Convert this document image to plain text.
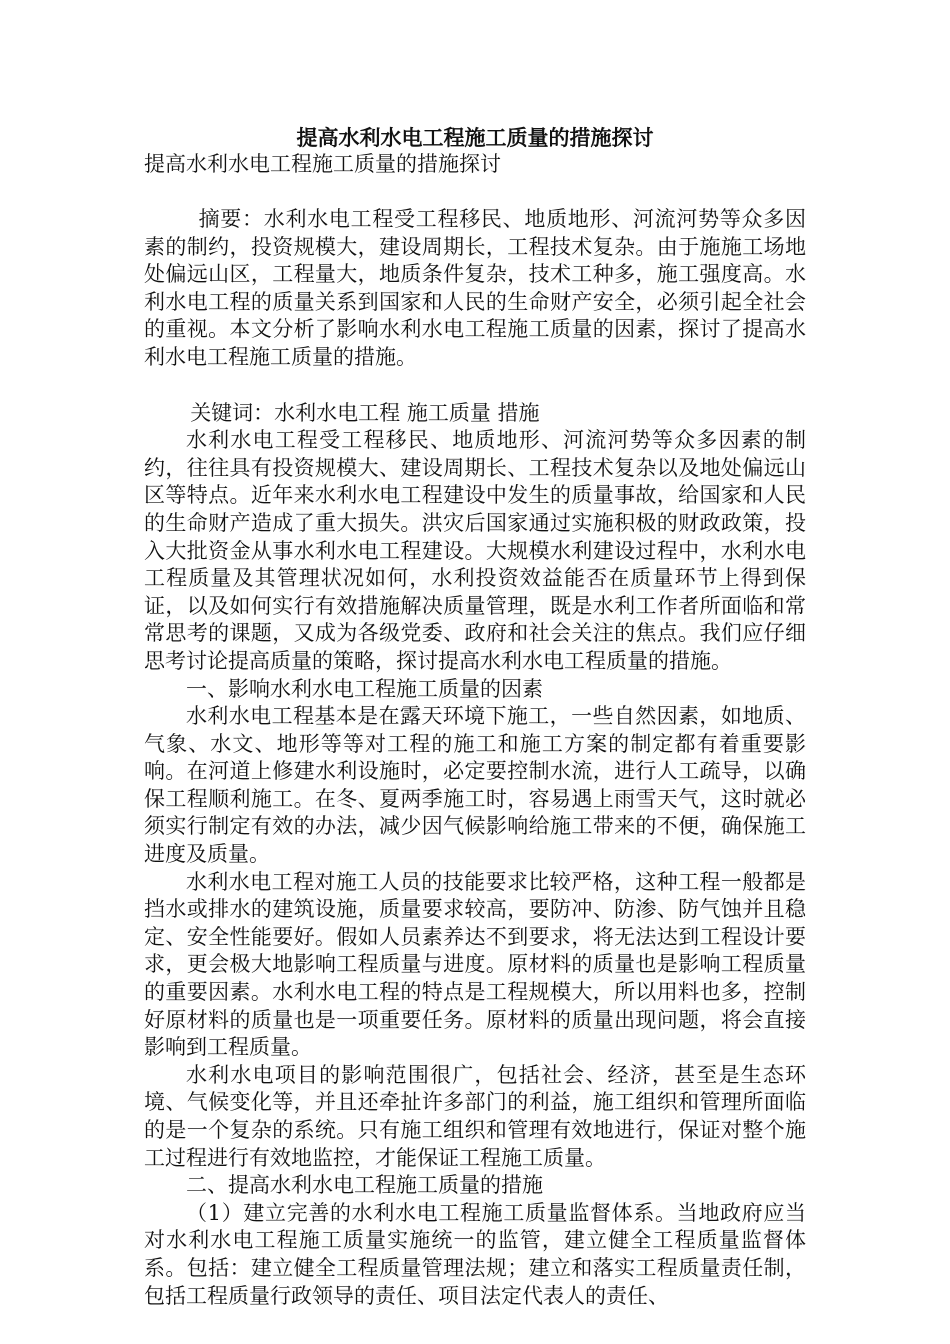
提高水利水电工程施工质量的措施探讨

提高水利水电工程施工质量的措施探讨

摘要：水利水电工程受工程移民、地质地形、河流河势等众多因素的制约，投资规模大，建设周期长，工程技术复杂。由于施施工场地处偏远山区，工程量大，地质条件复杂，技术工种多，施工强度高。水利水电工程的质量关系到国家和人民的生命财产安全，必须引起全社会的重视。本文分析了影响水利水电工程施工质量的因素，探讨了提高水利水电工程施工质量的措施。

关键词：水利水电工程 施工质量 措施

水利水电工程受工程移民、地质地形、河流河势等众多因素的制约，往往具有投资规模大、建设周期长、工程技术复杂以及地处偏远山区等特点。近年来水利水电工程建设中发生的质量事故，给国家和人民的生命财产造成了重大损失。洪灾后国家通过实施积极的财政政策，投入大批资金从事水利水电工程建设。大规模水利建设过程中，水利水电工程质量及其管理状况如何，水利投资效益能否在质量环节上得到保证，以及如何实行有效措施解决质量管理，既是水利工作者所面临和常常思考的课题，又成为各级党委、政府和社会关注的焦点。我们应仔细思考讨论提高质量的策略，探讨提高水利水电工程质量的措施。

一、影响水利水电工程施工质量的因素

水利水电工程基本是在露天环境下施工，一些自然因素，如地质、气象、水文、地形等等对工程的施工和施工方案的制定都有着重要影响。在河道上修建水利设施时，必定要控制水流，进行人工疏导，以确保工程顺利施工。在冬、夏两季施工时，容易遇上雨雪天气，这时就必须实行制定有效的办法，减少因气候影响给施工带来的不便，确保施工进度及质量。

水利水电工程对施工人员的技能要求比较严格，这种工程一般都是挡水或排水的建筑设施，质量要求较高，要防冲、防渗、防气蚀并且稳定、安全性能要好。假如人员素养达不到要求，将无法达到工程设计要求，更会极大地影响工程质量与进度。原材料的质量也是影响工程质量的重要因素。水利水电工程的特点是工程规模大，所以用料也多，控制好原材料的质量也是一项重要任务。原材料的质量出现问题，将会直接影响到工程质量。

水利水电项目的影响范围很广，包括社会、经济，甚至是生态环境、气候变化等，并且还牵扯许多部门的利益，施工组织和管理所面临的是一个复杂的系统。只有施工组织和管理有效地进行，保证对整个施工过程进行有效地监控，才能保证工程施工质量。

二、提高水利水电工程施工质量的措施

（1）建立完善的水利水电工程施工质量监督体系。当地政府应当对水利水电工程施工质量实施统一的监管，建立健全工程质量监督体系。包括：建立健全工程质量管理法规；建立和落实工程质量责任制，包括工程质量行政领导的责任、项目法定代表人的责任、
